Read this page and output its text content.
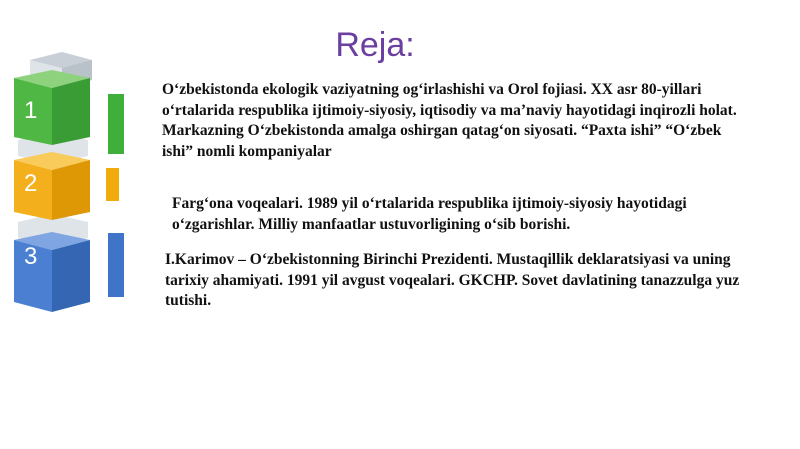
1
2
3
Reja:
O‘zbekistonda ekologik vaziyatning og‘irlashishi va Orol fojiasi. XX asr 80-yillari o‘rtalarida respublika ijtimoiy-siyosiy, iqtisodiy va ma’naviy hayotidagi inqirozli holat. Markazning O‘zbekistonda amalga oshirgan qatag‘on siyosati. “Paxta ishi” “O‘zbek ishi” nomli kompaniyalar
Farg‘ona voqealari. 1989 yil o‘rtalarida respublika ijtimoiy-siyosiy hayotidagi o‘zgarishlar. Milliy manfaatlar ustuvorligining o‘sib borishi.
I.Karimov – O‘zbekistonning Birinchi Prezidenti. Mustaqillik deklaratsiyasi va uning tarixiy ahamiyati. 1991 yil avgust voqealari. GKCHP. Sovet davlatining tanazzulga yuz tutishi.
